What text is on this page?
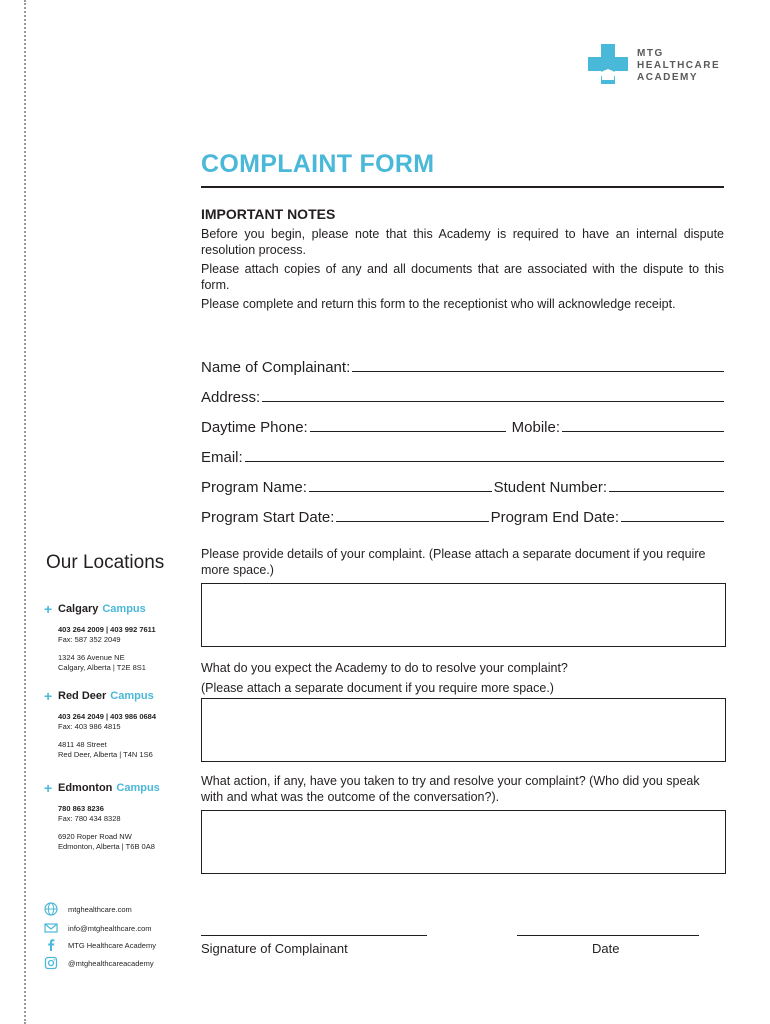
MTG
HEALTHCARE
ACADEMY
COMPLAINT FORM
IMPORTANT NOTES

Before you begin, please note that this Academy is required to have an internal dispute resolution process.

Please attach copies of any and all documents that are associated with the dispute to this form.

Please complete and return this form to the receptionist who will acknowledge receipt.

Name of Complainant:
Address:
Daytime Phone:	Mobile:
Email:
Program Name:	Student Number:
Program Start Date:	Program End Date:
Please provide details of your complaint. (Please attach a separate document if you require more space.)
What do you expect the Academy to do to resolve your complaint?
(Please attach a separate document if you require more space.)
What action, if any, have you taken to try and resolve your complaint? (Who did you speak with and what was the outcome of the conversation?).
Signature of Complainant	Date
Our Locations
+ Calgary Campus
403 264 2009 | 403 992 7611
Fax: 587 352 2049
1324 36 Avenue NE
Calgary, Alberta | T2E 8S1
+ Red Deer Campus
403 264 2049 | 403 986 0684
Fax: 403 986 4815
4811 48 Street
Red Deer, Alberta | T4N 1S6
+ Edmonton Campus
780 863 8236
Fax: 780 434 8328
6920 Roper Road NW
Edmonton, Alberta | T6B 0A8
mtghealthcare.com
info@mtghealthcare.com
MTG Healthcare Academy
@mtghealthcareacademy
